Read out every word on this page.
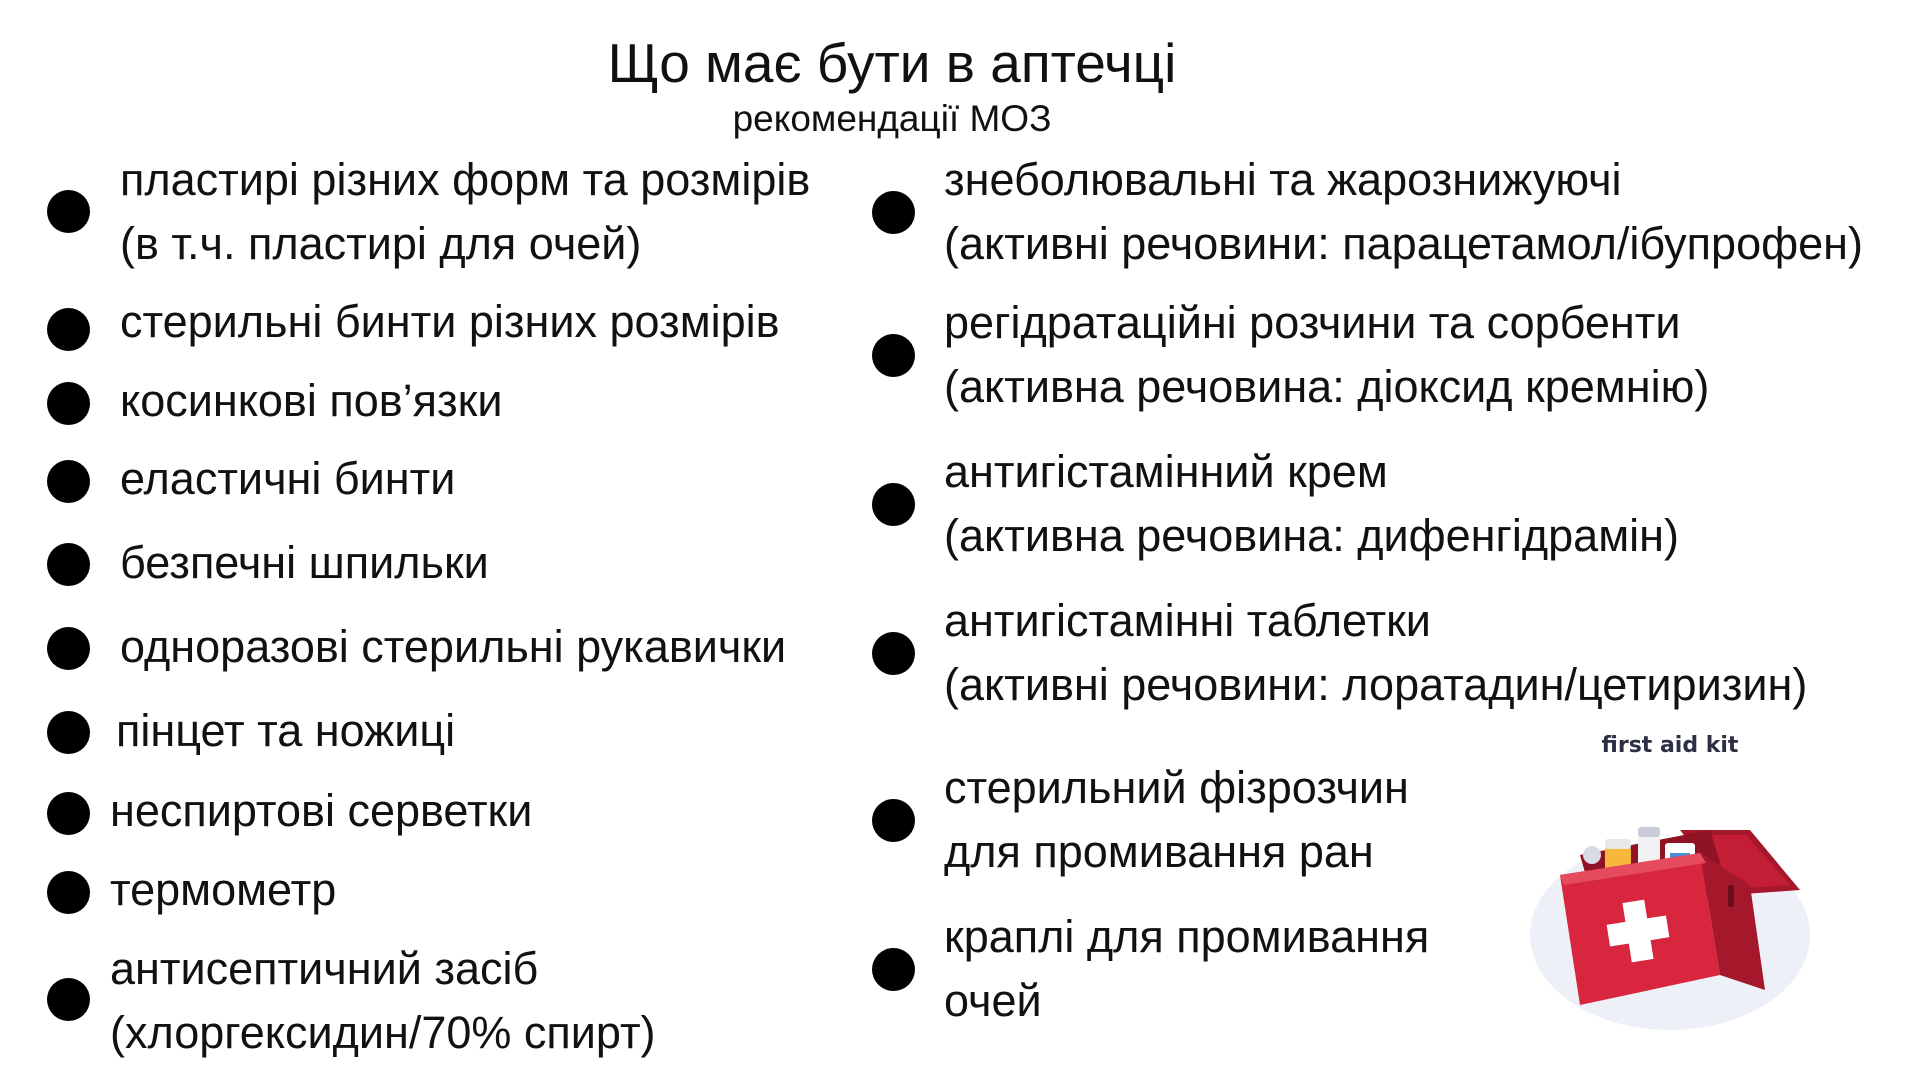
Що має бути в аптечці
рекомендації МОЗ
пластирі різних форм та розмірів
(в т.ч. пластирі для очей)
стерильні бинти різних розмірів
косинкові пов’язки
еластичні бинти
безпечні шпильки
одноразові стерильні рукавички
пінцет та ножиці
неспиртові серветки
термометр
антисептичний засіб
(хлоргексидин/70% спирт)
знеболювальні та жарознижуючі
(активні речовини: парацетамол/ібупрофен)
регідратаційні розчини та сорбенти
(активна речовина: діоксид кремнію)
антигістамінний крем
(активна речовина: дифенгідрамін)
антигістамінні таблетки
(активні речовини: лоратадин/цетиризин)
стерильний фізрозчин
для промивання ран
краплі для промивання
очей
first aid kit
